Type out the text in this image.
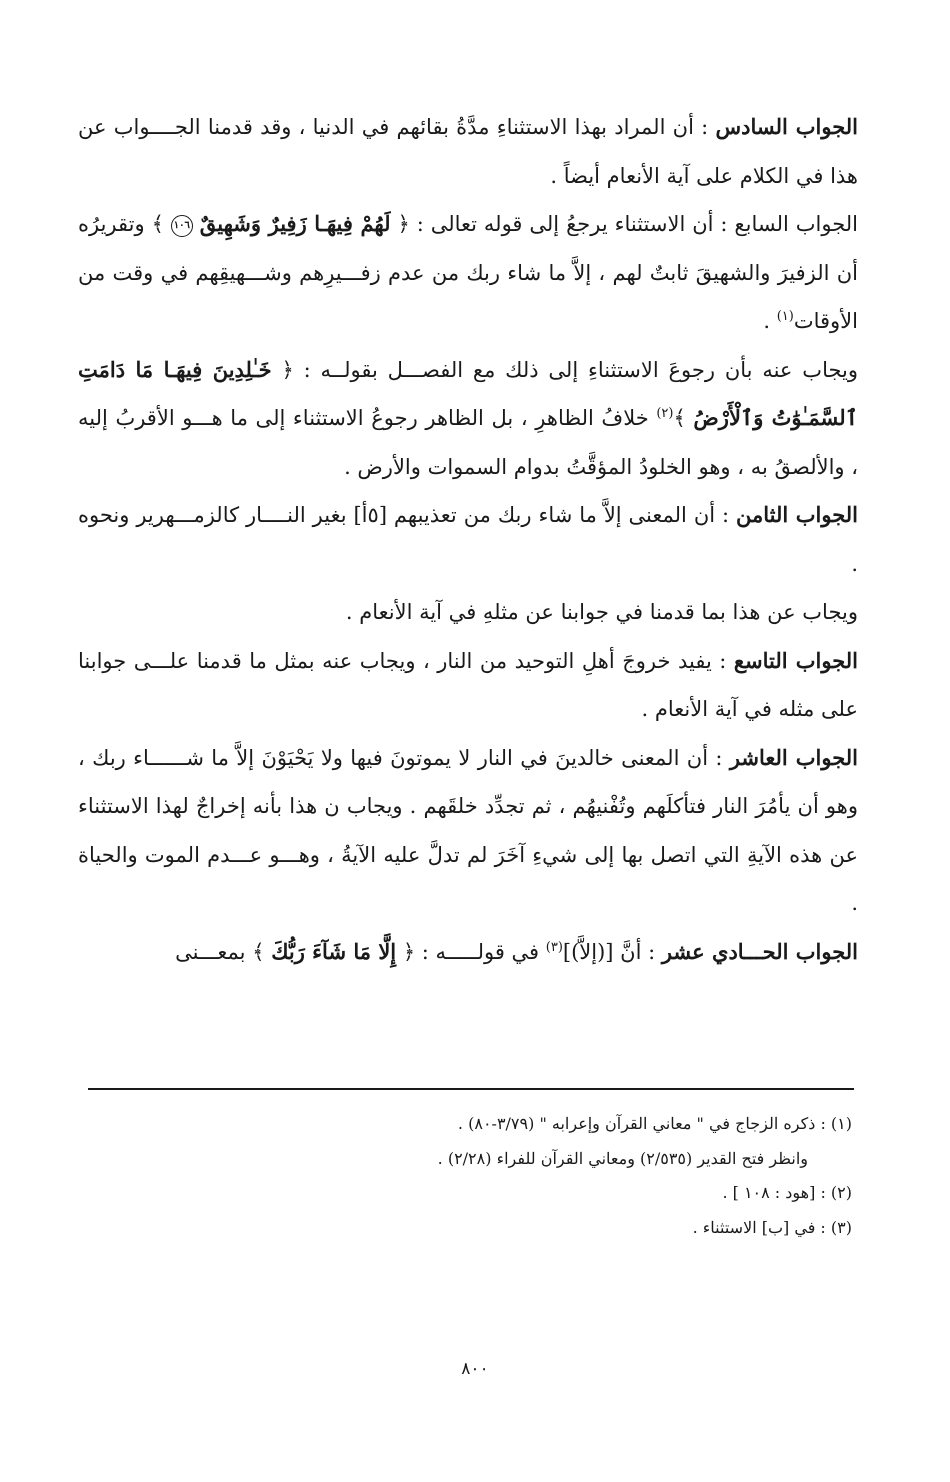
الجواب السادس : أن المراد بهذا الاستثناءِ مدَّةُ بقائهم في الدنيا ، وقد قدمنا الجــــواب عن هذا في الكلام على آية الأنعام أيضاً .

الجواب السابع : أن الاستثناء يرجعُ إلى قوله تعالى : ﴿ لَهُمْ فِيهَـا زَفِيرٌ وَشَهِيقٌ ١٠٦ ﴾ وتقريرُه أن الزفيرَ والشهيقَ ثابتٌ لهم ، إلاَّ ما شاء ربك من عدم زفـــيرِهم وشـــهيقِهم في وقت من الأوقات$^{(١)}$ .

ويجاب عنه بأن رجوعَ الاستثناءِ إلى ذلك مع الفصـــل بقولــه : ﴿ خَـٰلِدِينَ فِيهَـا مَا دَامَتِ ٱلسَّمَـٰوَٰتُ وَٱلْأَرْضُ ﴾$^{(٢)}$ خلافُ الظاهرِ ، بل الظاهر رجوعُ الاستثناء إلى ما هـــو الأقربُ إليه ، والألصقُ به ، وهو الخلودُ المؤقَّتُ بدوام السموات والأرض .

الجواب الثامن : أن المعنى إلاَّ ما شاء ربك من تعذيبهم [٥أ] بغير النــــار كالزمـــهرير ونحوه .

ويجاب عن هذا بما قدمنا في جوابنا عن مثلهِ في آية الأنعام .

الجواب التاسع : يفيد خروجَ أهلِ التوحيد من النار ، ويجاب عنه بمثل ما قدمنا علـــى جوابنا على مثله في آية الأنعام .

الجواب العاشر : أن المعنى خالدينَ في النار لا يموتونَ فيها ولا يَحْيَوْنَ إلاَّ ما شــــــاء ربك ، وهو أن يأمُرَ النار فتأكلَهم وتُفْنيهُم ، ثم تجدِّد خلقَهم . ويجاب ن هذا بأنه إخراجٌ لهذا الاستثناء عن هذه الآيةِ التي اتصل بها إلى شيءِ آخَرَ لم تدلَّ عليه الآيةُ ، وهـــو عـــدم الموت والحياة .

الجواب الحـــادي عشر : أنَّ [(إلاَّ)]$^{(٣)}$ في قولـــــه : ﴿ إِلَّا مَا شَآءَ رَبُّكَ ﴾ بمعـــنى

(١) : ذكره الزجاج في " معاني القرآن وإعرابه " (٣/٧٩-٨٠) .

وانظر فتح القدير (٢/٥٣٥) ومعاني القرآن للفراء (٢/٢٨) .

(٢) : [هود : ١٠٨ ] .

(٣) : في [ب] الاستثناء .

٨٠٠
